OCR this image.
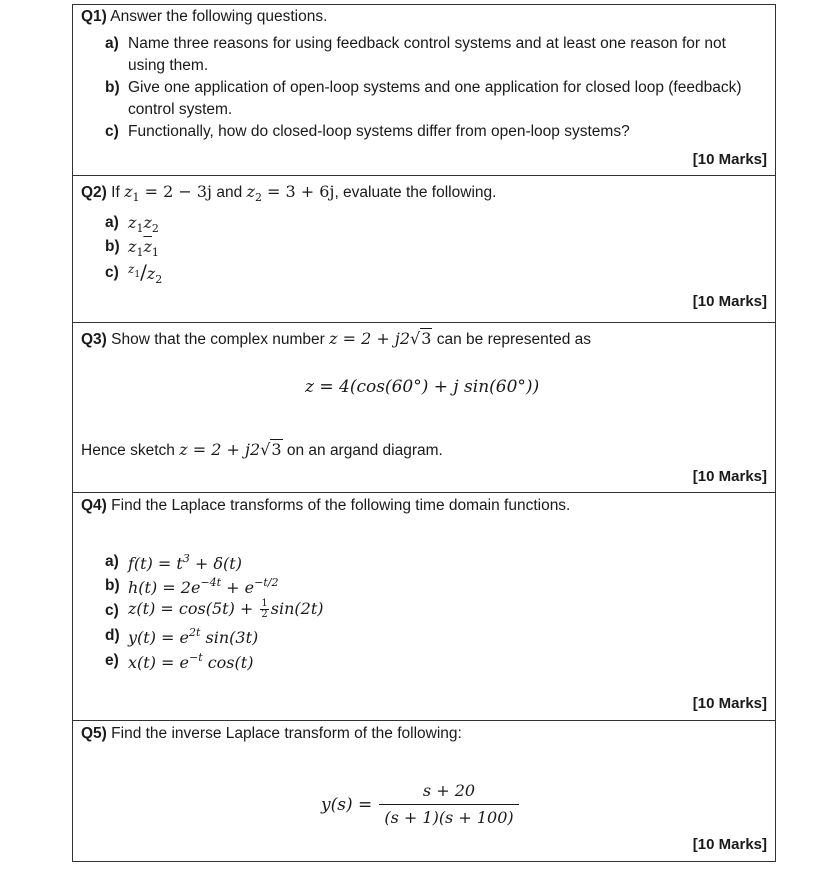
Q1) Answer the following questions.
a) Name three reasons for using feedback control systems and at least one reason for not
using them.
b) Give one application of open-loop systems and one application for closed loop (feedback)
control system.
c) Functionally, how do closed-loop systems differ from open-loop systems?
[10 Marks]
Q2) If $z_1 = 2 - 3j$ and $z_2 = 3 + 6j$, evaluate the following.
a) $z_1z_2$
b) $z_1\overline{z}_1$
c) $^{z_1}/z_2$
[10 Marks]
Q3) Show that the complex number z = 2 + j2√3 can be represented as
z = 4(cos(60°) + j sin(60°))
Hence sketch z = 2 + j2√3 on an argand diagram.
[10 Marks]
Q4) Find the Laplace transforms of the following time domain functions.
a) $f(t) = t^3 + \delta(t)$
b) $h(t) = 2e^{-4t} + e^{-t/2}$
c) $z(t) = \cos(5t) + \frac{1}{2} \sin(2t)$
d) $y(t) = e^{2t}$ sin(3t)
e) $x(t) = e^{-t}$ cos(t)
[10 Marks]
Q5) Find the inverse Laplace transform of the following:
$y(s) = \frac{s + 20}{(s + 1)(s + 100)}$
[10 Marks]
